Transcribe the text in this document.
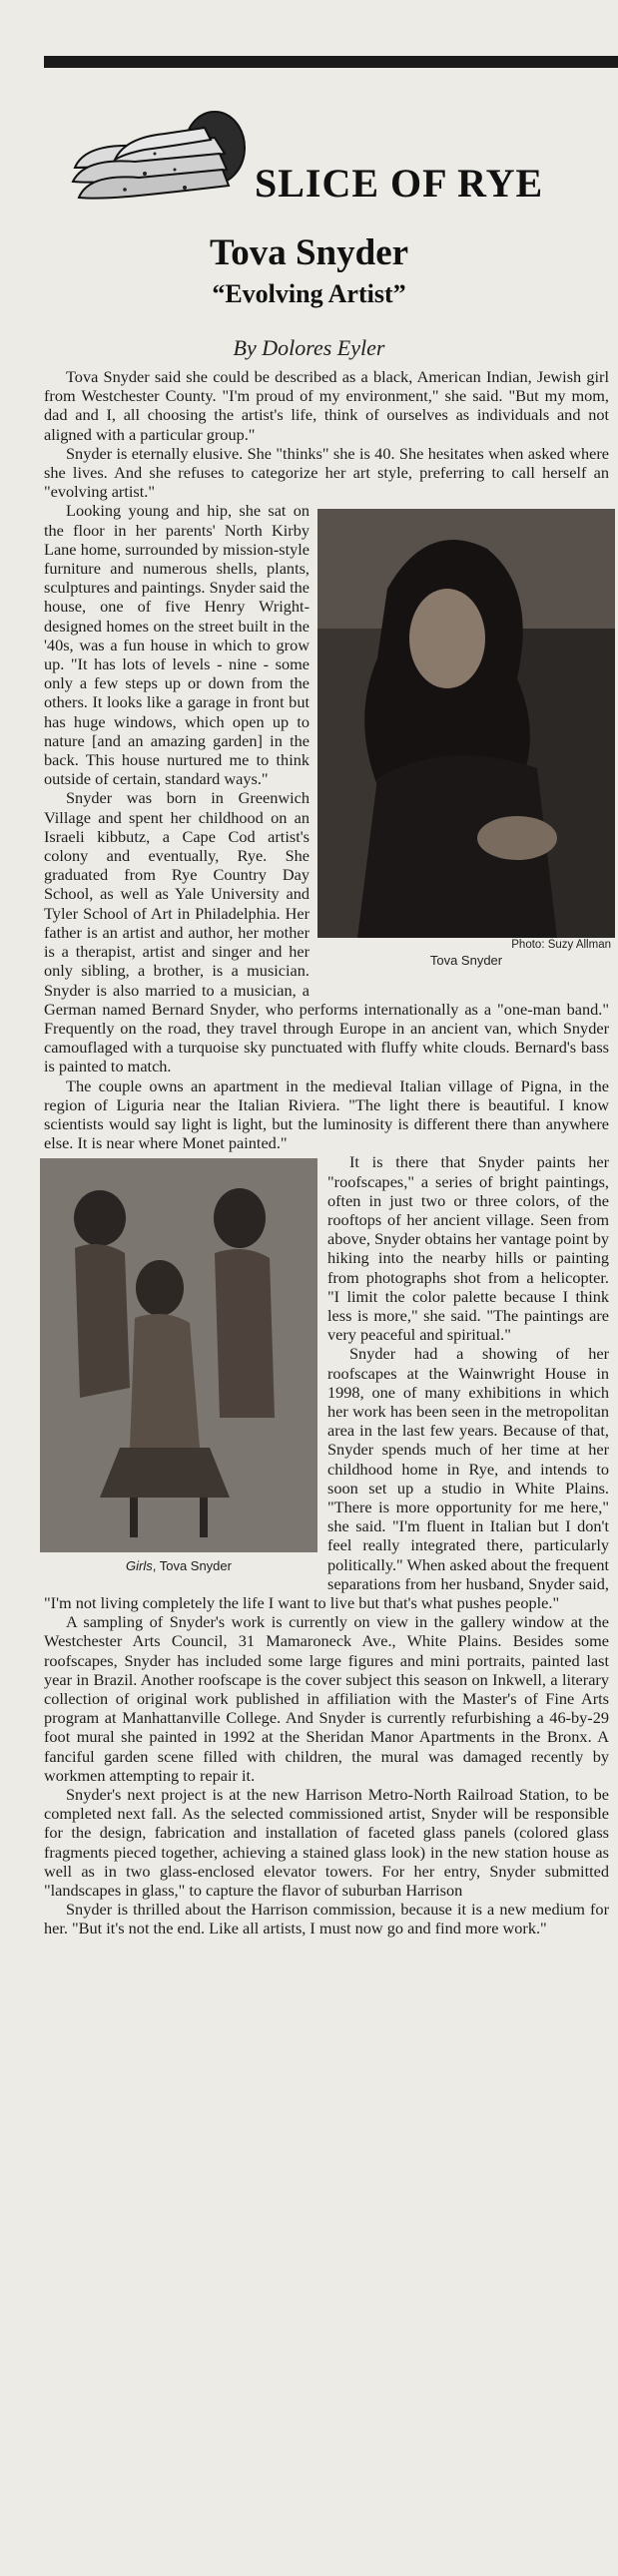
SLICE OF RYE
Tova Snyder
“Evolving Artist”
By Dolores Eyler

Tova Snyder said she could be described as a black, American Indian, Jewish girl from Westchester County. "I'm proud of my environment," she said. "But my mom, dad and I, all choosing the artist's life, think of ourselves as individuals and not aligned with a particular group."

Snyder is eternally elusive. She "thinks" she is 40. She hesitates when asked where she lives. And she refuses to categorize her art style, preferring to call herself an "evolving artist."

Photo: Suzy Allman
Tova Snyder

Looking young and hip, she sat on the floor in her parents' North Kirby Lane home, surrounded by mission-style furniture and numerous shells, plants, sculptures and paintings. Snyder said the house, one of five Henry Wright-designed homes on the street built in the '40s, was a fun house in which to grow up. "It has lots of levels - nine - some only a few steps up or down from the others. It looks like a garage in front but has huge windows, which open up to nature [and an amazing garden] in the back. This house nurtured me to think outside of certain, standard ways."

Snyder was born in Greenwich Village and spent her childhood on an Israeli kibbutz, a Cape Cod artist's colony and eventually, Rye. She graduated from Rye Country Day School, as well as Yale University and Tyler School of Art in Philadelphia. Her father is an artist and author, her mother is a therapist, artist and singer and her only sibling, a brother, is a musician. Snyder is also married to a musician, a German named Bernard Snyder, who performs internationally as a "one-man band." Frequently on the road, they travel through Europe in an ancient van, which Snyder camouflaged with a turquoise sky punctuated with fluffy white clouds. Bernard's bass is painted to match.

The couple owns an apartment in the medieval Italian village of Pigna, in the region of Liguria near the Italian Riviera. "The light there is beautiful. I know scientists would say light is light, but the luminosity is different there than anywhere else. It is near where Monet painted."

Girls, Tova Snyder

It is there that Snyder paints her "roofscapes," a series of bright paintings, often in just two or three colors, of the rooftops of her ancient village. Seen from above, Snyder obtains her vantage point by hiking into the nearby hills or painting from photographs shot from a helicopter. "I limit the color palette because I think less is more," she said. "The paintings are very peaceful and spiritual."

Snyder had a showing of her roofscapes at the Wainwright House in 1998, one of many exhibitions in which her work has been seen in the metropolitan area in the last few years. Because of that, Snyder spends much of her time at her childhood home in Rye, and intends to soon set up a studio in White Plains. "There is more opportunity for me here," she said. "I'm fluent in Italian but I don't feel really integrated there, particularly politically." When asked about the frequent separations from her husband, Snyder said, "I'm not living completely the life I want to live but that's what pushes people."

A sampling of Snyder's work is currently on view in the gallery window at the Westchester Arts Council, 31 Mamaroneck Ave., White Plains. Besides some roofscapes, Snyder has included some large figures and mini portraits, painted last year in Brazil. Another roofscape is the cover subject this season on Inkwell, a literary collection of original work published in affiliation with the Master's of Fine Arts program at Manhattanville College. And Snyder is currently refurbishing a 46-by-29 foot mural she painted in 1992 at the Sheridan Manor Apartments in the Bronx. A fanciful garden scene filled with children, the mural was damaged recently by workmen attempting to repair it.

Snyder's next project is at the new Harrison Metro-North Railroad Station, to be completed next fall. As the selected commissioned artist, Snyder will be responsible for the design, fabrication and installation of faceted glass panels (colored glass fragments pieced together, achieving a stained glass look) in the new station house as well as in two glass-enclosed elevator towers. For her entry, Snyder submitted "landscapes in glass," to capture the flavor of suburban Harrison

Snyder is thrilled about the Harrison commission, because it is a new medium for her. "But it's not the end. Like all artists, I must now go and find more work."
